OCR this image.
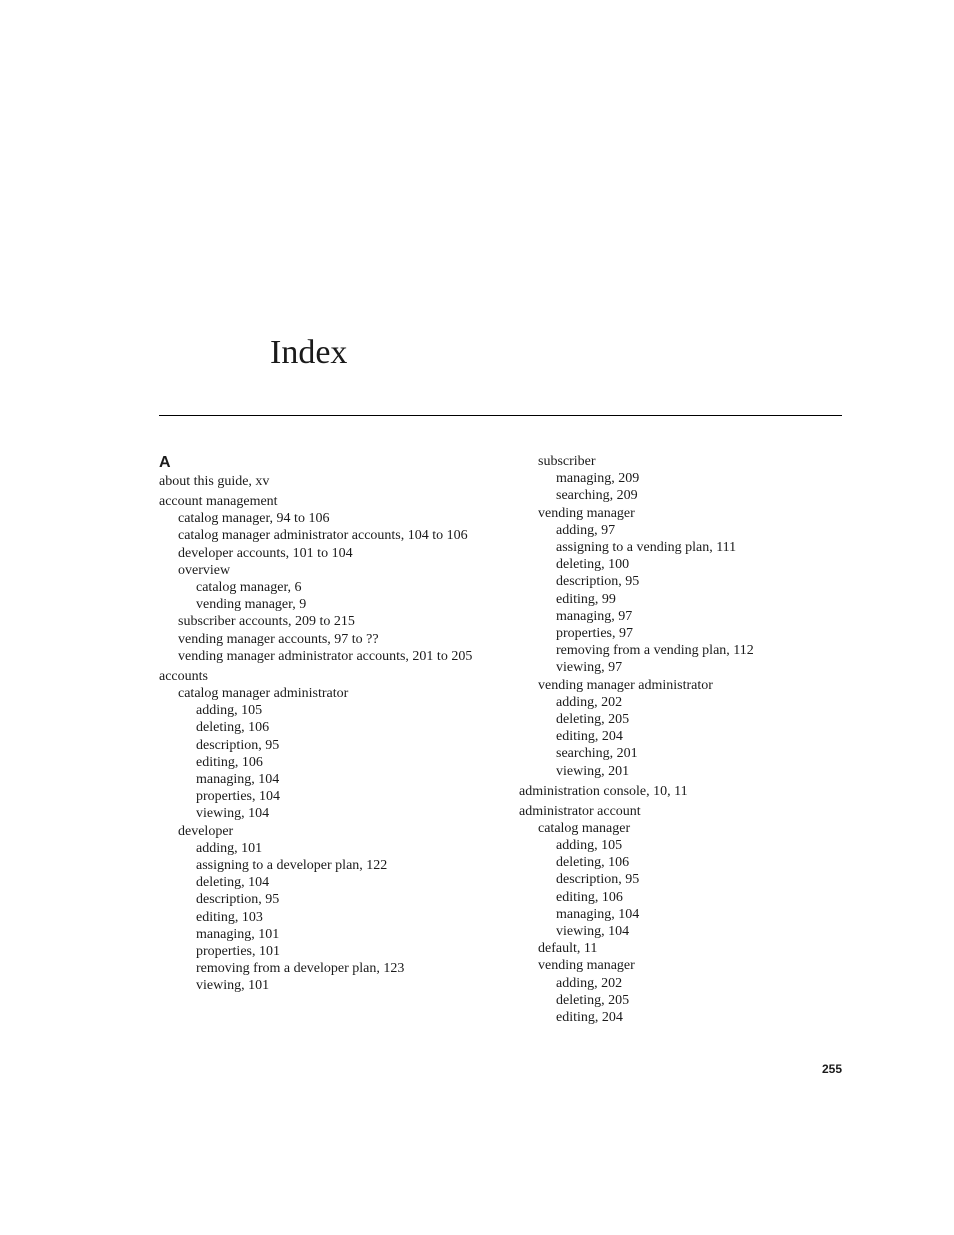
Index
A
about this guide, xv
account management
catalog manager, 94 to 106
catalog manager administrator accounts, 104 to 106
developer accounts, 101 to 104
overview
catalog manager, 6
vending manager, 9
subscriber accounts, 209 to 215
vending manager accounts, 97 to ??
vending manager administrator accounts, 201 to 205
accounts
catalog manager administrator
adding, 105
deleting, 106
description, 95
editing, 106
managing, 104
properties, 104
viewing, 104
developer
adding, 101
assigning to a developer plan, 122
deleting, 104
description, 95
editing, 103
managing, 101
properties, 101
removing from a developer plan, 123
viewing, 101
subscriber
managing, 209
searching, 209
vending manager
adding, 97
assigning to a vending plan, 111
deleting, 100
description, 95
editing, 99
managing, 97
properties, 97
removing from a vending plan, 112
viewing, 97
vending manager administrator
adding, 202
deleting, 205
editing, 204
searching, 201
viewing, 201
administration console, 10, 11
administrator account
catalog manager
adding, 105
deleting, 106
description, 95
editing, 106
managing, 104
viewing, 104
default, 11
vending manager
adding, 202
deleting, 205
editing, 204
255
